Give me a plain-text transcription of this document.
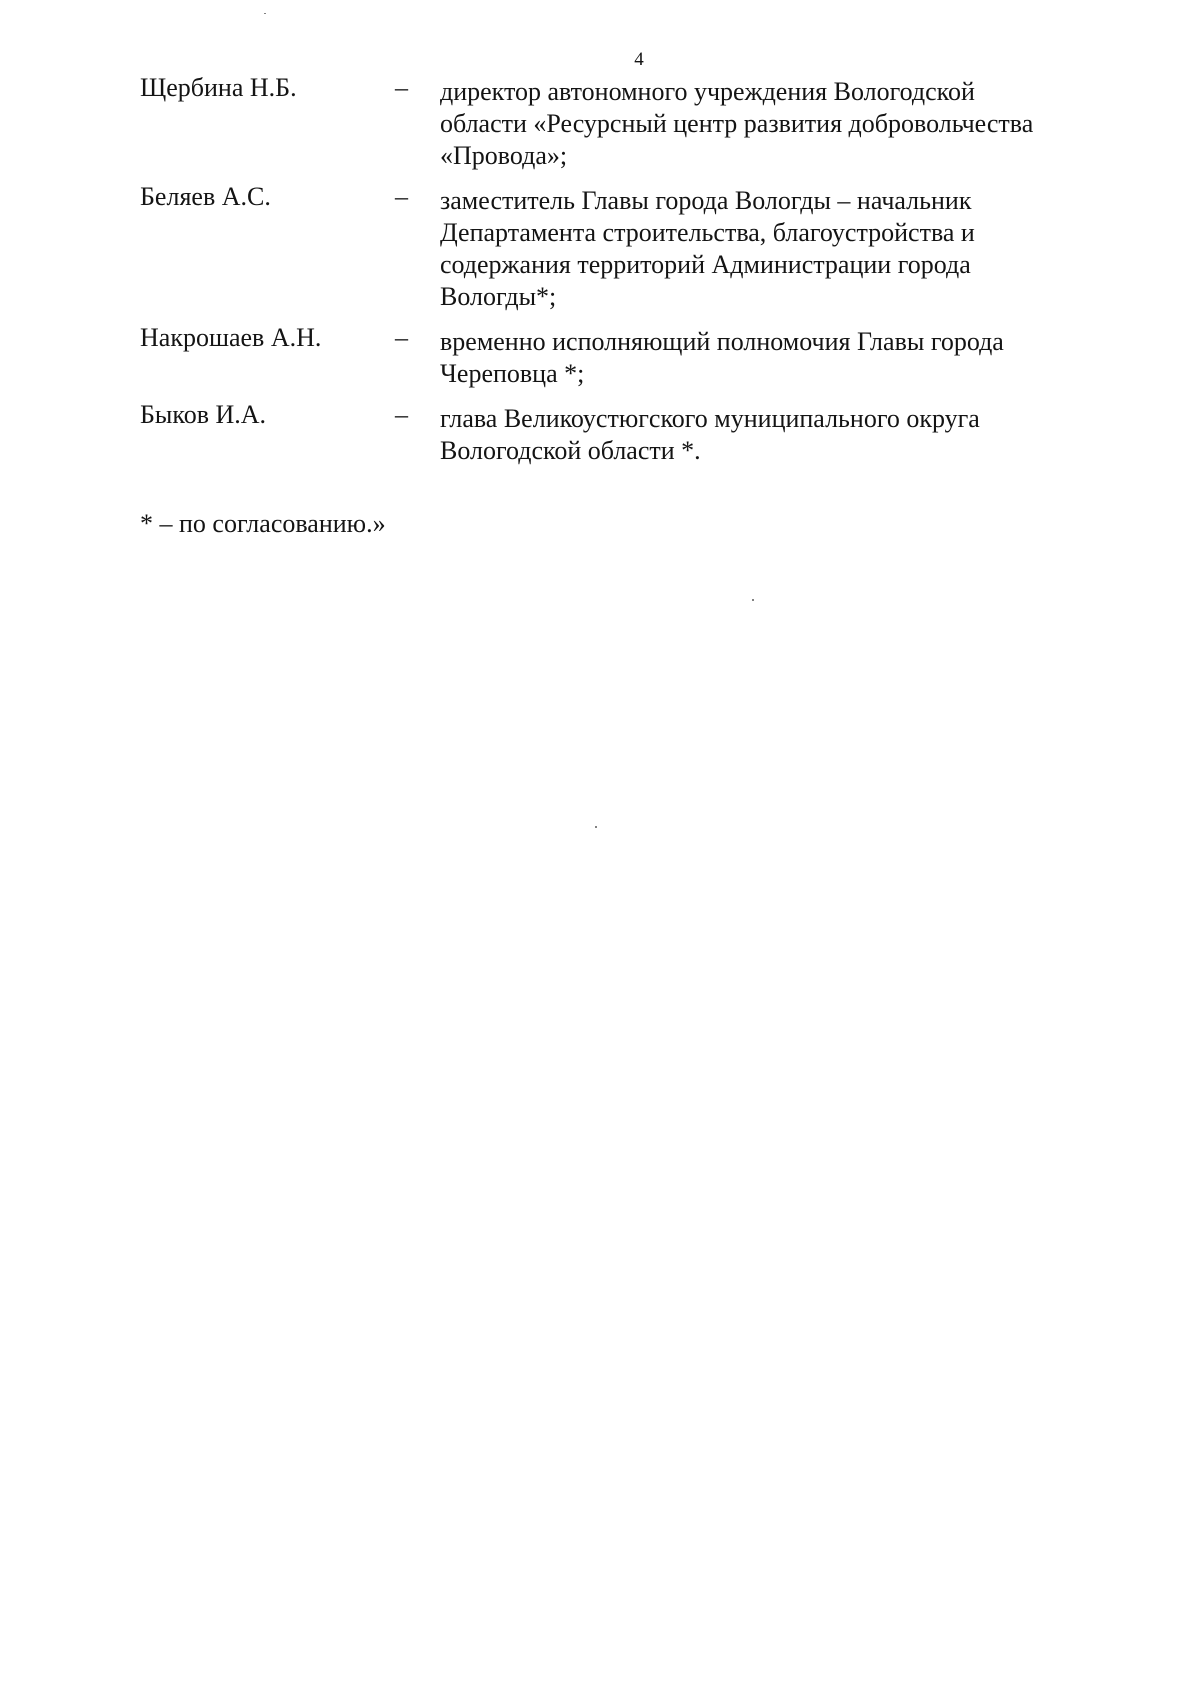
4
Щербина Н.Б.	–	директор автономного учреждения Вологодской
области «Ресурсный центр развития добровольчества
«Провода»;
Беляев А.С.	–	заместитель Главы города Вологды – начальник
Департамента строительства, благоустройства и
содержания территорий Администрации города
Вологды*;
Накрошаев А.Н.	–	временно исполняющий полномочия Главы города
Череповца *;
Быков И.А.	–	глава Великоустюгского муниципального округа
Вологодской области *.
* – по согласованию.»
